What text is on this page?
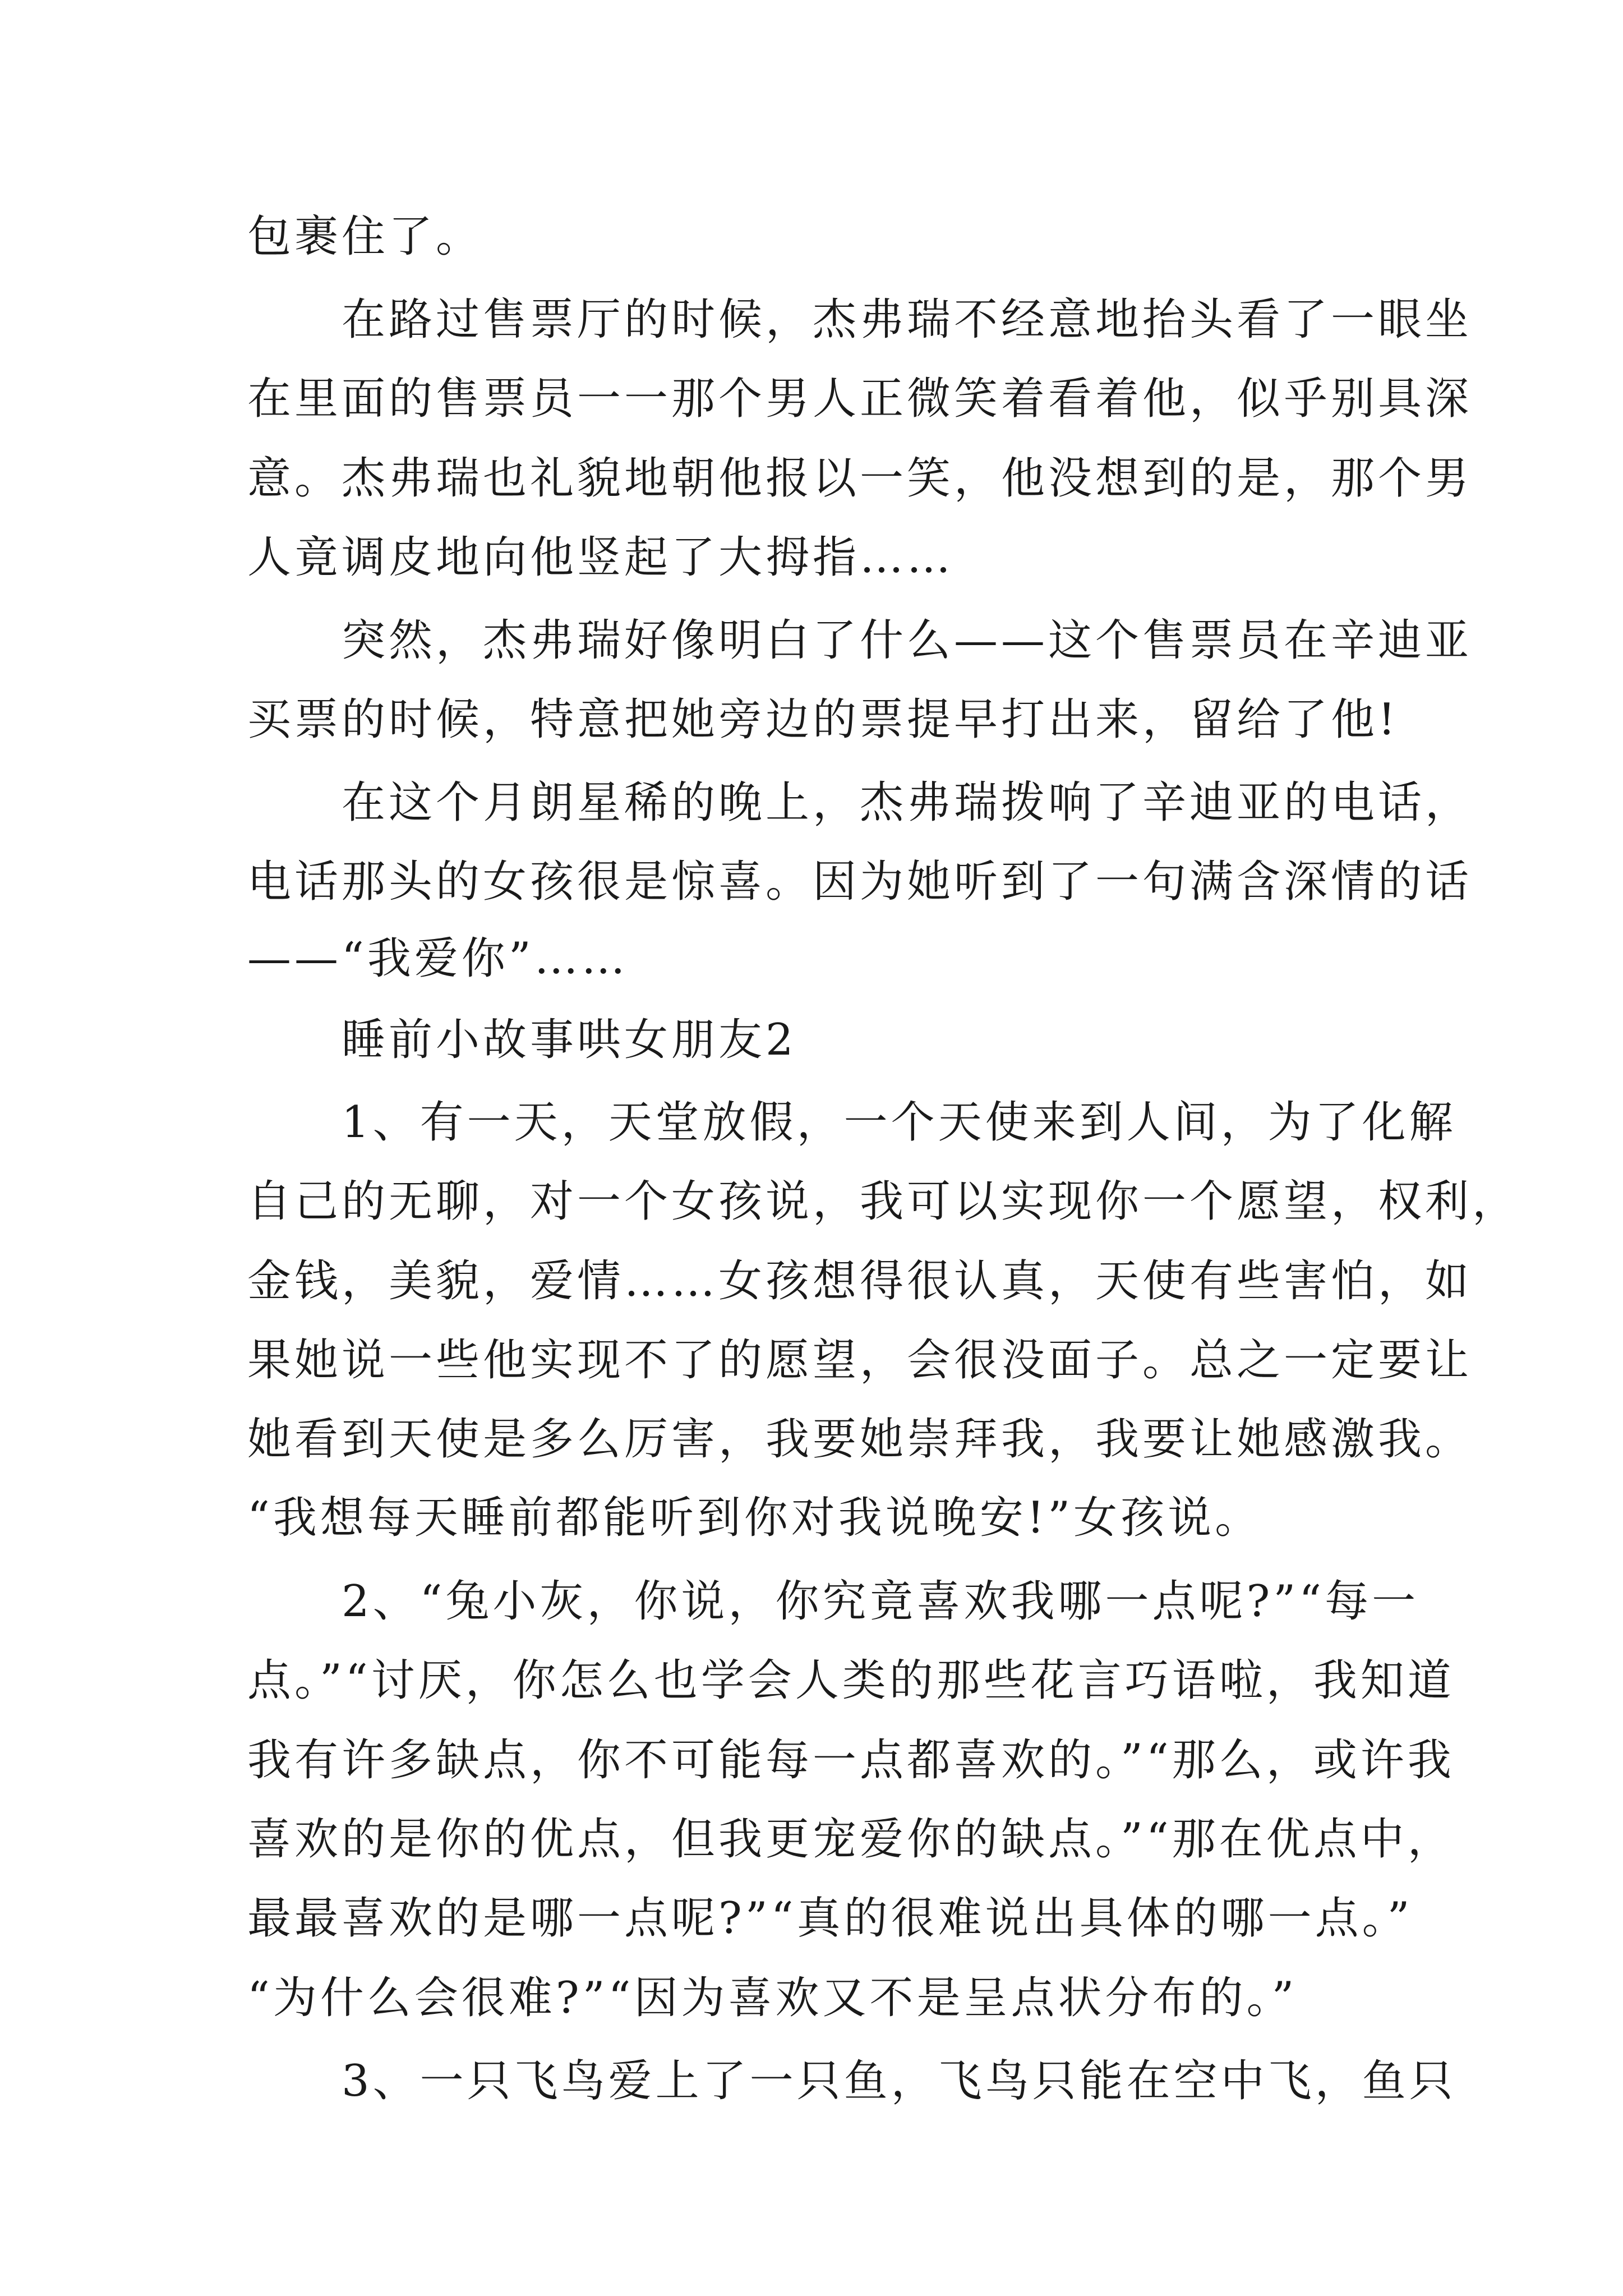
包裹住了。
　　在路过售票厅的时候，杰弗瑞不经意地抬头看了一眼坐
在里面的售票员一一那个男人正微笑着看着他，似乎别具深
意。杰弗瑞也礼貌地朝他报以一笑，他没想到的是，那个男
人竟调皮地向他竖起了大拇指……
　　突然，杰弗瑞好像明白了什么——这个售票员在辛迪亚
买票的时候，特意把她旁边的票提早打出来，留给了他!
　　在这个月朗星稀的晚上，杰弗瑞拨响了辛迪亚的电话，
电话那头的女孩很是惊喜。因为她听到了一句满含深情的话
——“我爱你”……
　　睡前小故事哄女朋友2
　　1、有一天，天堂放假，一个天使来到人间，为了化解
自己的无聊，对一个女孩说，我可以实现你一个愿望，权利，
金钱，美貌，爱情……女孩想得很认真，天使有些害怕，如
果她说一些他实现不了的愿望，会很没面子。总之一定要让
她看到天使是多么厉害，我要她崇拜我，我要让她感激我。
“我想每天睡前都能听到你对我说晚安!”女孩说。
　　2、“兔小灰，你说，你究竟喜欢我哪一点呢?”“每一
点。”“讨厌，你怎么也学会人类的那些花言巧语啦，我知道
我有许多缺点，你不可能每一点都喜欢的。”“那么，或许我
喜欢的是你的优点，但我更宠爱你的缺点。”“那在优点中，
最最喜欢的是哪一点呢?”“真的很难说出具体的哪一点。”
“为什么会很难?”“因为喜欢又不是呈点状分布的。”
　　3、一只飞鸟爱上了一只鱼，飞鸟只能在空中飞，鱼只
